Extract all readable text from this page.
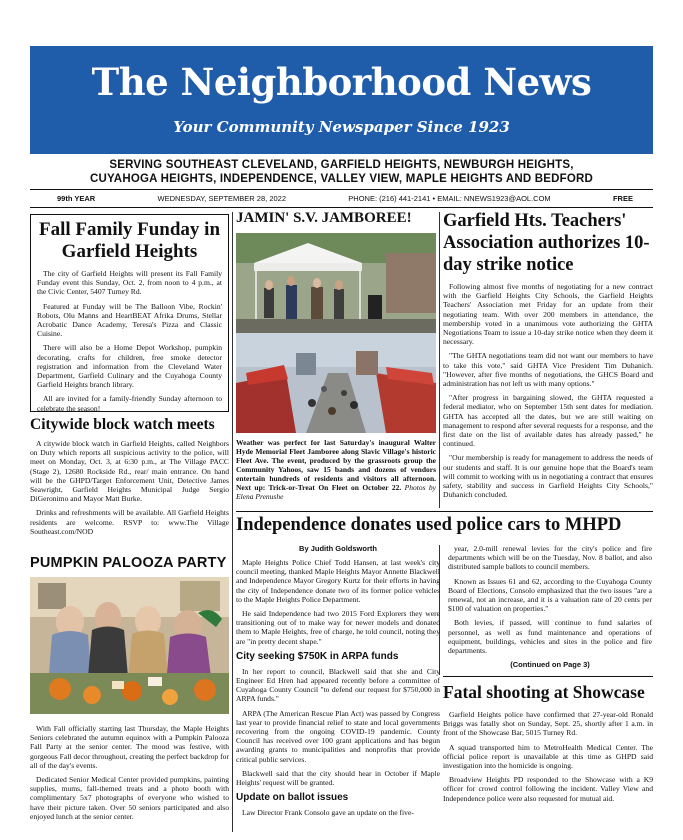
The Neighborhood News
Your Community Newspaper Since 1923
SERVING SOUTHEAST CLEVELAND, GARFIELD HEIGHTS, NEWBURGH HEIGHTS,
CUYAHOGA HEIGHTS, INDEPENDENCE, VALLEY VIEW, MAPLE HEIGHTS AND BEDFORD
99th YEAR	WEDNESDAY, SEPTEMBER 28, 2022	PHONE: (216) 441-2141 • EMAIL: NNEWS1923@AOL.COM	FREE
Fall Family Funday in Garfield Heights

The city of Garfield Heights will present its Fall Family Funday event this Sunday, Oct. 2, from noon to 4 p.m., at the Civic Center, 5407 Turney Rd.

Featured at Funday will be The Balloon Vibe, Rockin' Robots, Olu Manns and HeartBEAT Afrika Drums, Stellar Acrobatic Dance Academy, Teresa's Pizza and Classic Cuisine.

There will also be a Home Depot Workshop, pumpkin decorating, crafts for children, free smoke detector registration and information from the Cleveland Water Department, Garfield Culinary and the Cuyahoga County Garfield Heights branch library.

All are invited for a family-friendly Sunday afternoon to celebrate the season!

Citywide block watch meets

A citywide block watch in Garfield Heights, called Neighbors on Duty which reports all suspicious activity to the police, will meet on Monday, Oct. 3, at 6:30 p.m., at The Village PACC (Stage 2), 12680 Rockside Rd., rear/ main entrance. On hand will be the GHPD/Target Enforcement Unit, Detective James Seawright, Garfield Heights Municipal Judge Sergio DiGeronimo and Mayor Matt Burke.

Drinks and refreshments will be available. All Garfield Heights residents are welcome. RSVP to: www.The Village Southeast.com/NOD

PUMPKIN PALOOZA PARTY

With Fall officially starting last Thursday, the Maple Heights Seniors celebrated the autumn equinox with a Pumpkin Palooza Fall Party at the senior center. The mood was festive, with gorgeous Fall decor throughout, creating the perfect backdrop for all of the day's events.

Dedicated Senior Medical Center provided pumpkins, painting supplies, mums, fall-themed treats and a photo booth with complimentary 5x7 photographs of everyone who wished to have their picture taken. Over 50 seniors participated and also enjoyed lunch at the senior center.

JAMIN' S.V. JAMBOREE!

Weather was perfect for last Saturday's inaugural Walter Hyde Memorial Fleet Jamboree along Slavic Village's historic Fleet Ave. The event, produced by the grassroots group the Community Yahoos, saw 15 bands and dozens of vendors entertain hundreds of residents and visitors all afternoon. Next up: Trick-or-Treat On Fleet on October 22. Photos by Elena Prenushe

Garfield Hts. Teachers' Association authorizes 10-day strike notice

Following almost five months of negotiating for a new contract with the Garfield Heights City Schools, the Garfield Heights Teachers' Association met Friday for an update from their negotiating team. With over 200 members in attendance, the membership voted in a unanimous vote authorizing the GHTA Negotiations Team to issue a 10-day strike notice when they deem it necessary.

"The GHTA negotiations team did not want our members to have to take this vote," said GHTA Vice President Tim Duhanich. "However, after five months of negotiations, the GHCS Board and administration has not left us with many options."

"After progress in bargaining slowed, the GHTA requested a federal mediator, who on September 15th sent dates for mediation. GHTA has accepted all the dates, but we are still waiting on management to respond after several requests for a response, and the first date on the list of available dates has already passed," he continued.

"Our membership is ready for management to address the needs of our students and staff. It is our genuine hope that the Board's team will commit to working with us in negotiating a contract that ensures safety, stability and success in Garfield Heights City Schools," Duhanich concluded.

Independence donates used police cars to MHPD
By Judith Goldsworth

Maple Heights Police Chief Todd Hansen, at last week's city council meeting, thanked Maple Heights Mayor Annette Blackwell and Independence Mayor Gregory Kurtz for their efforts in having the city of Independence donate two of its former police vehicles to the Maple Heights Police Department.

He said Independence had two 2015 Ford Explorers they were transitioning out of to make way for newer models and donated them to Maple Heights, free of charge, he told council, noting they are "in pretty decent shape."

City seeking $750K in ARPA funds

In her report to council, Blackwell said that she and City Engineer Ed Hren had appeared recently before a committee of Cuyahoga County Council "to defend our request for $750,000 in ARPA funds."

ARPA (The American Rescue Plan Act) was passed by Congress last year to provide financial relief to state and local governments recovering from the ongoing COVID-19 pandemic. County Council has received over 100 grant applications and has begun awarding grants to municipalities and nonprofits that provide critical public services.

Blackwell said that the city should hear in October if Maple Heights' request will be granted.

Update on ballot issues

Law Director Frank Consolo gave an update on the five-

year, 2.0-mill renewal levies for the city's police and fire departments which will be on the Tuesday, Nov. 8 ballot, and also distributed sample ballots to council members.

Known as Issues 61 and 62, according to the Cuyahoga County Board of Elections, Consolo emphasized that the two issues "are a renewal, not an increase, and it is a valuation rate of 20 cents per $100 of valuation on properties."

Both levies, if passed, will continue to fund salaries of personnel, as well as fund maintenance and operations of equipment, buildings, vehicles and sites in the police and fire departments.

(Continued on Page 3)
Fatal shooting at Showcase

Garfield Heights police have confirmed that 27-year-old Ronald Briggs was fatally shot on Sunday, Sept. 25, shortly after 1 a.m. in front of the Showcase Bar, 5015 Turney Rd.

A squad transported him to MetroHealth Medical Center. The official police report is unavailable at this time as GHPD said investigation into the homicide is ongoing.

Broadview Heights PD responded to the Showcase with a K9 officer for crowd control following the incident. Valley View and Independence police were also requested for mutual aid.
